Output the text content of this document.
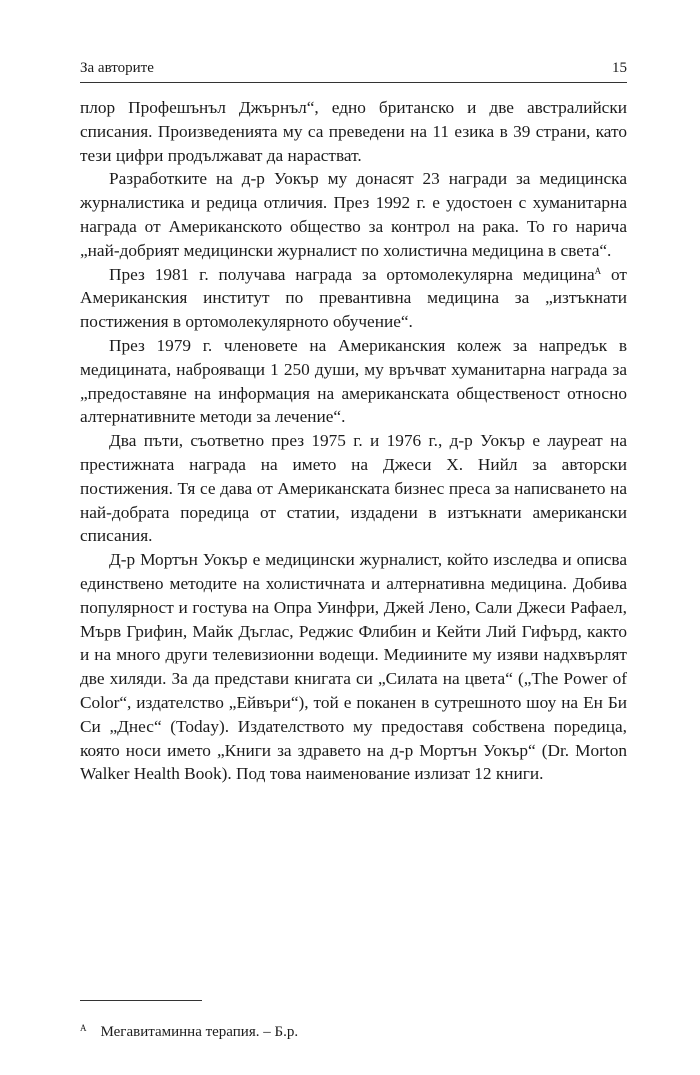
За авторите	15

плор Профешънъл Джърнъл“, едно британско и две австралийски списания. Произведенията му са преведени на 11 езика в 39 страни, като тези цифри продължават да нарастват.

Разработките на д-р Уокър му донасят 23 награди за медицинска журналистика и редица отличия. През 1992 г. е удостоен с хуманитарна награда от Американското общество за контрол на рака. То го нарича „най-добрият медицински журналист по холистична медицина в света“.

През 1981 г. получава награда за ортомолекулярна медицина$^А$ от Американския институт по превантивна медицина за „изтъкнати постижения в ортомолекулярното обучение“.

През 1979 г. членовете на Американския колеж за напредък в медицината, наброяващи 1 250 души, му връчват хуманитарна награда за „предоставяне на информация на американската общественост относно алтернативните методи за лечение“.

Два пъти, съответно през 1975 г. и 1976 г., д-р Уокър е лауреат на престижната награда на името на Джеси Х. Нийл за авторски постижения. Тя се дава от Американската бизнес преса за написването на най-добрата поредица от статии, издадени в изтъкнати американски списания.

Д-р Мортън Уокър е медицински журналист, който изследва и описва единствено методите на холистичната и алтернативна медицина. Добива популярност и гостува на Опра Уинфри, Джей Лено, Сали Джеси Рафаел, Мърв Грифин, Майк Дъглас, Реджис Флибин и Кейти Лий Гифърд, както и на много други телевизионни водещи. Медиините му изяви надхвърлят две хиляди. За да представи книгата си „Силата на цвета“ („The Power of Color“, издателство „Ейвъри“), той е поканен в сутрешното шоу на Ен Би Си „Днес“ (Today). Издателството му предоставя собствена поредица, която носи името „Книги за здравето на д-р Мортън Уокър“ (Dr. Morton Walker Health Book). Под това наименование излизат 12 книги.

$^А$ Мегавитаминна терапия. – Б.р.
